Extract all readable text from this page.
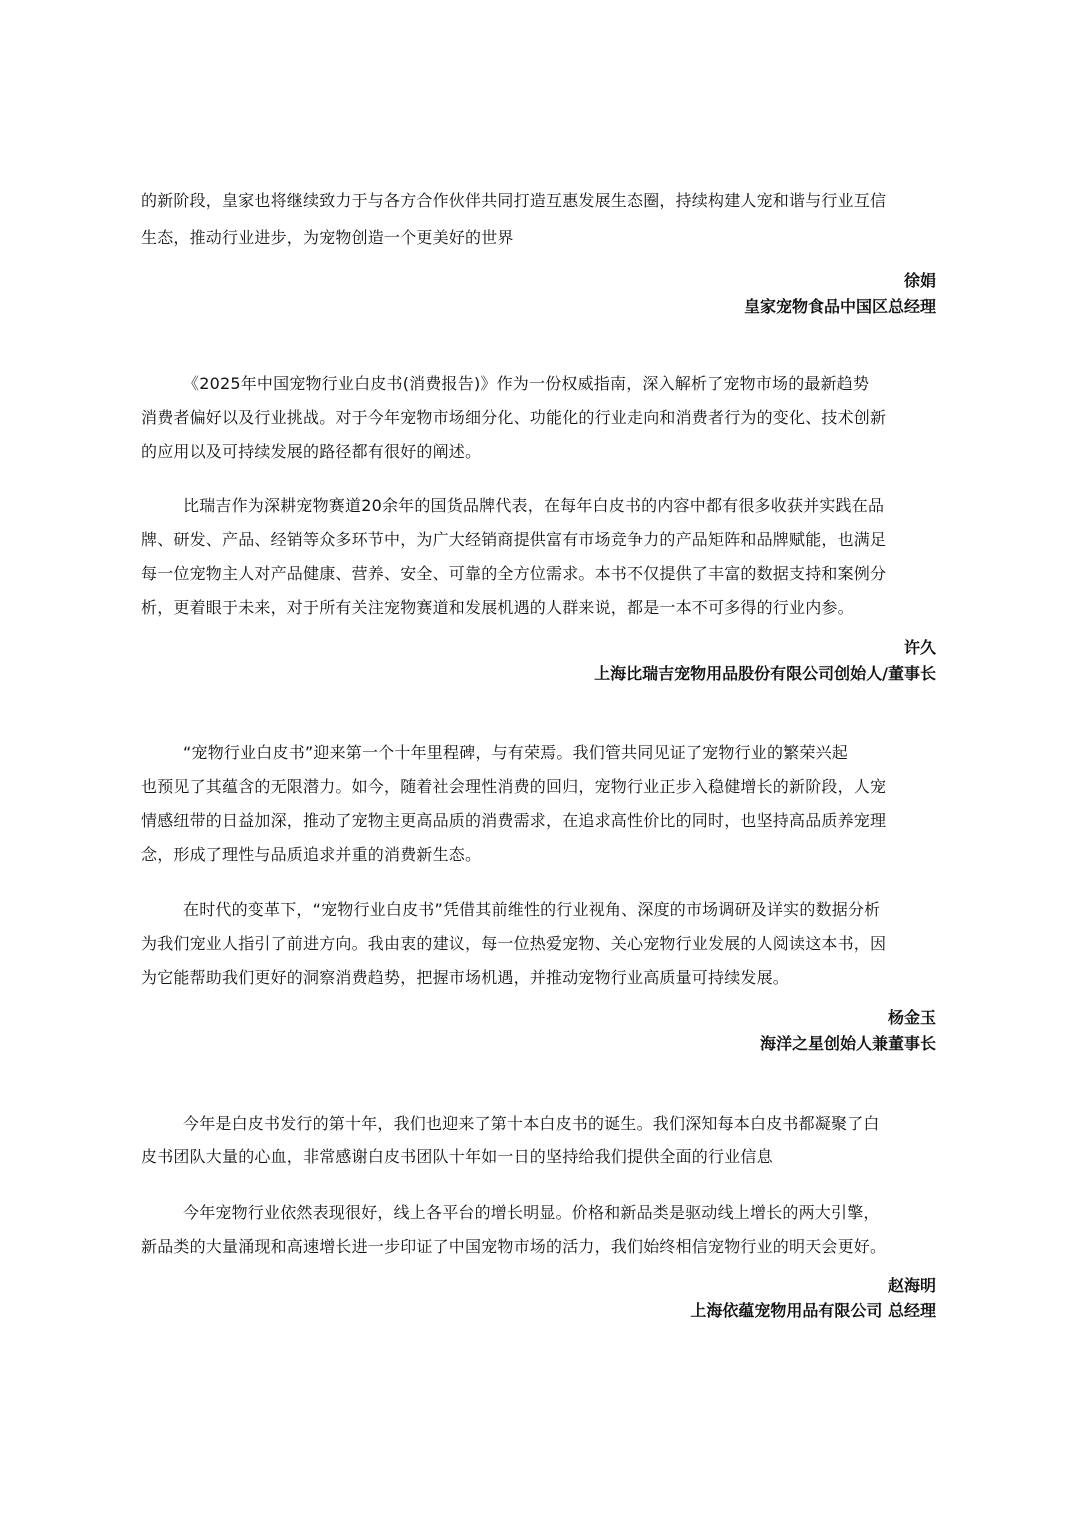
的新阶段，皇家也将继续致力于与各方合作伙伴共同打造互惠发展生态圈，持续构建人宠和谐与行业互信
生态，推动行业进步，为宠物创造一个更美好的世界
徐娟
皇家宠物食品中国区总经理
《2025年中国宠物行业白皮书(消费报告)》作为一份权威指南，深入解析了宠物市场的最新趋势
消费者偏好以及行业挑战。对于今年宠物市场细分化、功能化的行业走向和消费者行为的变化、技术创新
的应用以及可持续发展的路径都有很好的阐述。
比瑞吉作为深耕宠物赛道20余年的国货品牌代表，在每年白皮书的内容中都有很多收获并实践在品
牌、研发、产品、经销等众多环节中，为广大经销商提供富有市场竞争力的产品矩阵和品牌赋能，也满足
每一位宠物主人对产品健康、营养、安全、可靠的全方位需求。本书不仅提供了丰富的数据支持和案例分
析，更着眼于未来，对于所有关注宠物赛道和发展机遇的人群来说，都是一本不可多得的行业内参。
许久
上海比瑞吉宠物用品股份有限公司创始人/董事长
“宠物行业白皮书”迎来第一个十年里程碑，与有荣焉。我们管共同见证了宠物行业的繁荣兴起
也预见了其蕴含的无限潜力。如今，随着社会理性消费的回归，宠物行业正步入稳健增长的新阶段，人宠
情感纽带的日益加深，推动了宠物主更高品质的消费需求，在追求高性价比的同时，也坚持高品质养宠理
念，形成了理性与品质追求并重的消费新生态。
在时代的变革下，“宠物行业白皮书”凭借其前维性的行业视角、深度的市场调研及详实的数据分析
为我们宠业人指引了前进方向。我由衷的建议，每一位热爱宠物、关心宠物行业发展的人阅读这本书，因
为它能帮助我们更好的洞察消费趋势，把握市场机遇，并推动宠物行业高质量可持续发展。
杨金玉
海洋之星创始人兼董事长
今年是白皮书发行的第十年，我们也迎来了第十本白皮书的诞生。我们深知每本白皮书都凝聚了白
皮书团队大量的心血，非常感谢白皮书团队十年如一日的坚持给我们提供全面的行业信息
今年宠物行业依然表现很好，线上各平台的增长明显。价格和新品类是驱动线上增长的两大引擎，
新品类的大量涌现和高速增长进一步印证了中国宠物市场的活力，我们始终相信宠物行业的明天会更好。
赵海明
上海依蕴宠物用品有限公司 总经理
